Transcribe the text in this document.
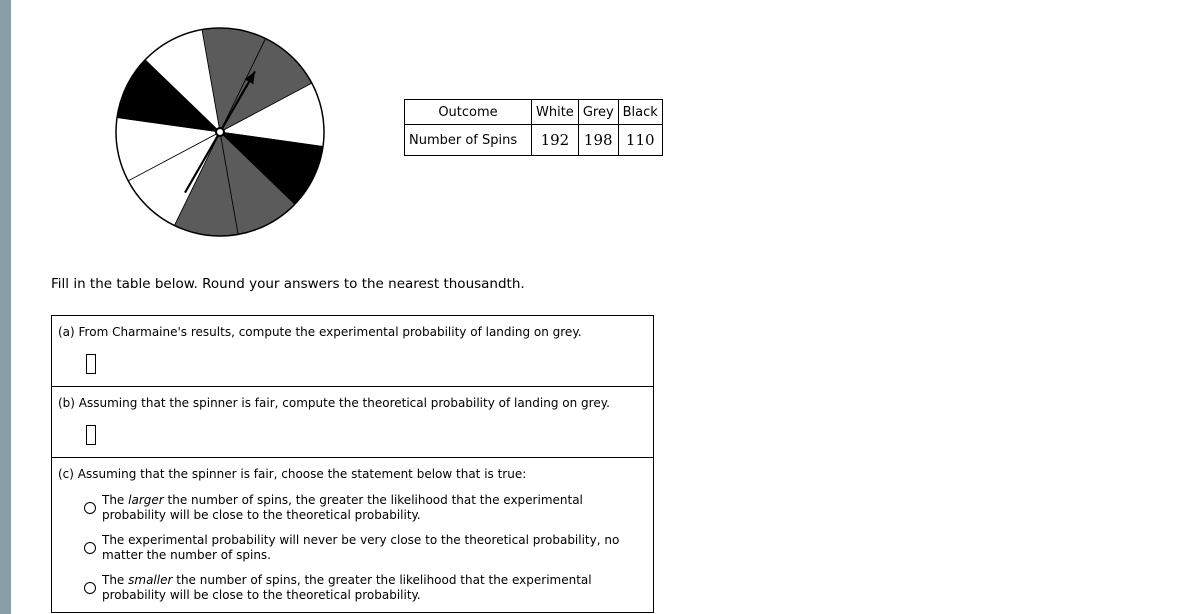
Outcome	White	Grey	Black
Number of Spins	192	198	110
Fill in the table below. Round your answers to the nearest thousandth.
(a) From Charmaine's results, compute the experimental probability of landing on grey.
(b) Assuming that the spinner is fair, compute the theoretical probability of landing on grey.
(c) Assuming that the spinner is fair, choose the statement below that is true:
The larger the number of spins, the greater the likelihood that the experimental probability will be close to the theoretical probability.
The experimental probability will never be very close to the theoretical probability, no matter the number of spins.
The smaller the number of spins, the greater the likelihood that the experimental probability will be close to the theoretical probability.
